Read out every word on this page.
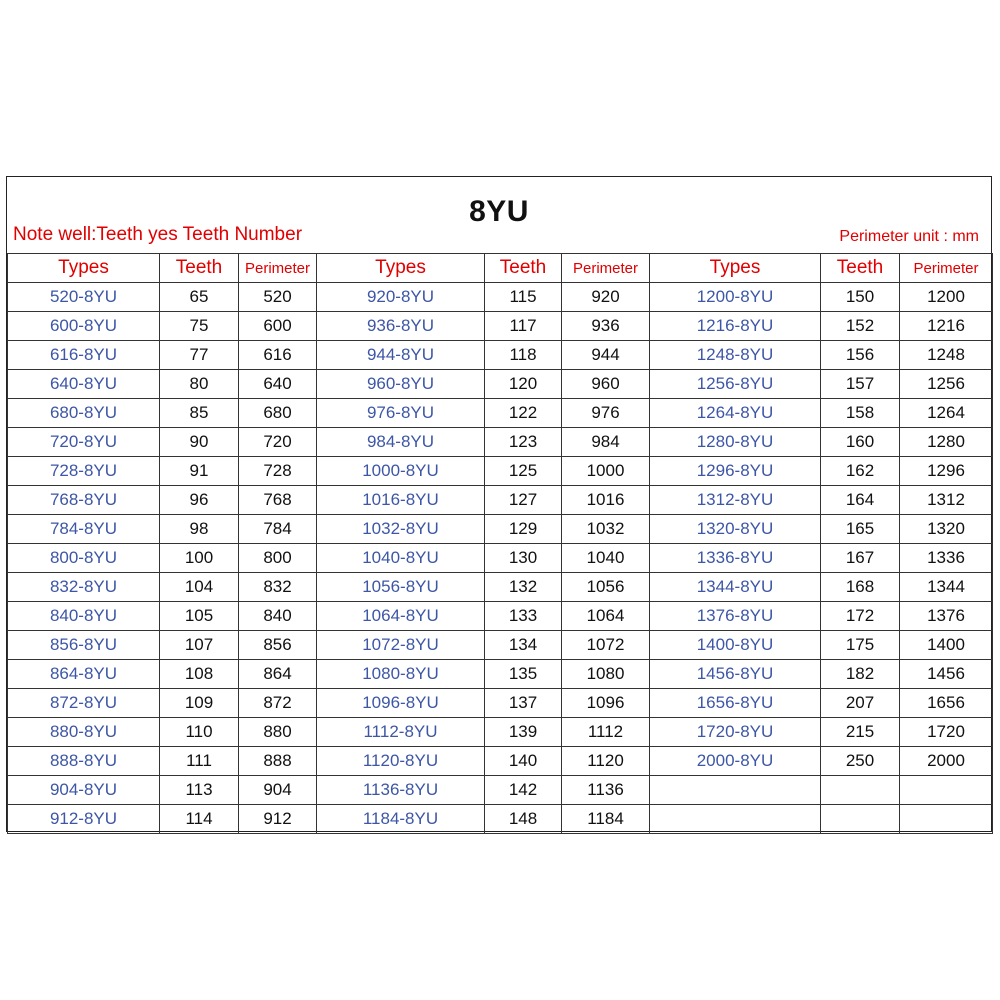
8YU
Note well:Teeth yes Teeth Number	Perimeter unit : mm
Types	Teeth	Perimeter	Types	Teeth	Perimeter	Types	Teeth	Perimeter
520-8YU	65	520	920-8YU	115	920	1200-8YU	150	1200
600-8YU	75	600	936-8YU	117	936	1216-8YU	152	1216
616-8YU	77	616	944-8YU	118	944	1248-8YU	156	1248
640-8YU	80	640	960-8YU	120	960	1256-8YU	157	1256
680-8YU	85	680	976-8YU	122	976	1264-8YU	158	1264
720-8YU	90	720	984-8YU	123	984	1280-8YU	160	1280
728-8YU	91	728	1000-8YU	125	1000	1296-8YU	162	1296
768-8YU	96	768	1016-8YU	127	1016	1312-8YU	164	1312
784-8YU	98	784	1032-8YU	129	1032	1320-8YU	165	1320
800-8YU	100	800	1040-8YU	130	1040	1336-8YU	167	1336
832-8YU	104	832	1056-8YU	132	1056	1344-8YU	168	1344
840-8YU	105	840	1064-8YU	133	1064	1376-8YU	172	1376
856-8YU	107	856	1072-8YU	134	1072	1400-8YU	175	1400
864-8YU	108	864	1080-8YU	135	1080	1456-8YU	182	1456
872-8YU	109	872	1096-8YU	137	1096	1656-8YU	207	1656
880-8YU	110	880	1112-8YU	139	1112	1720-8YU	215	1720
888-8YU	111	888	1120-8YU	140	1120	2000-8YU	250	2000
904-8YU	113	904	1136-8YU	142	1136			
912-8YU	114	912	1184-8YU	148	1184			
